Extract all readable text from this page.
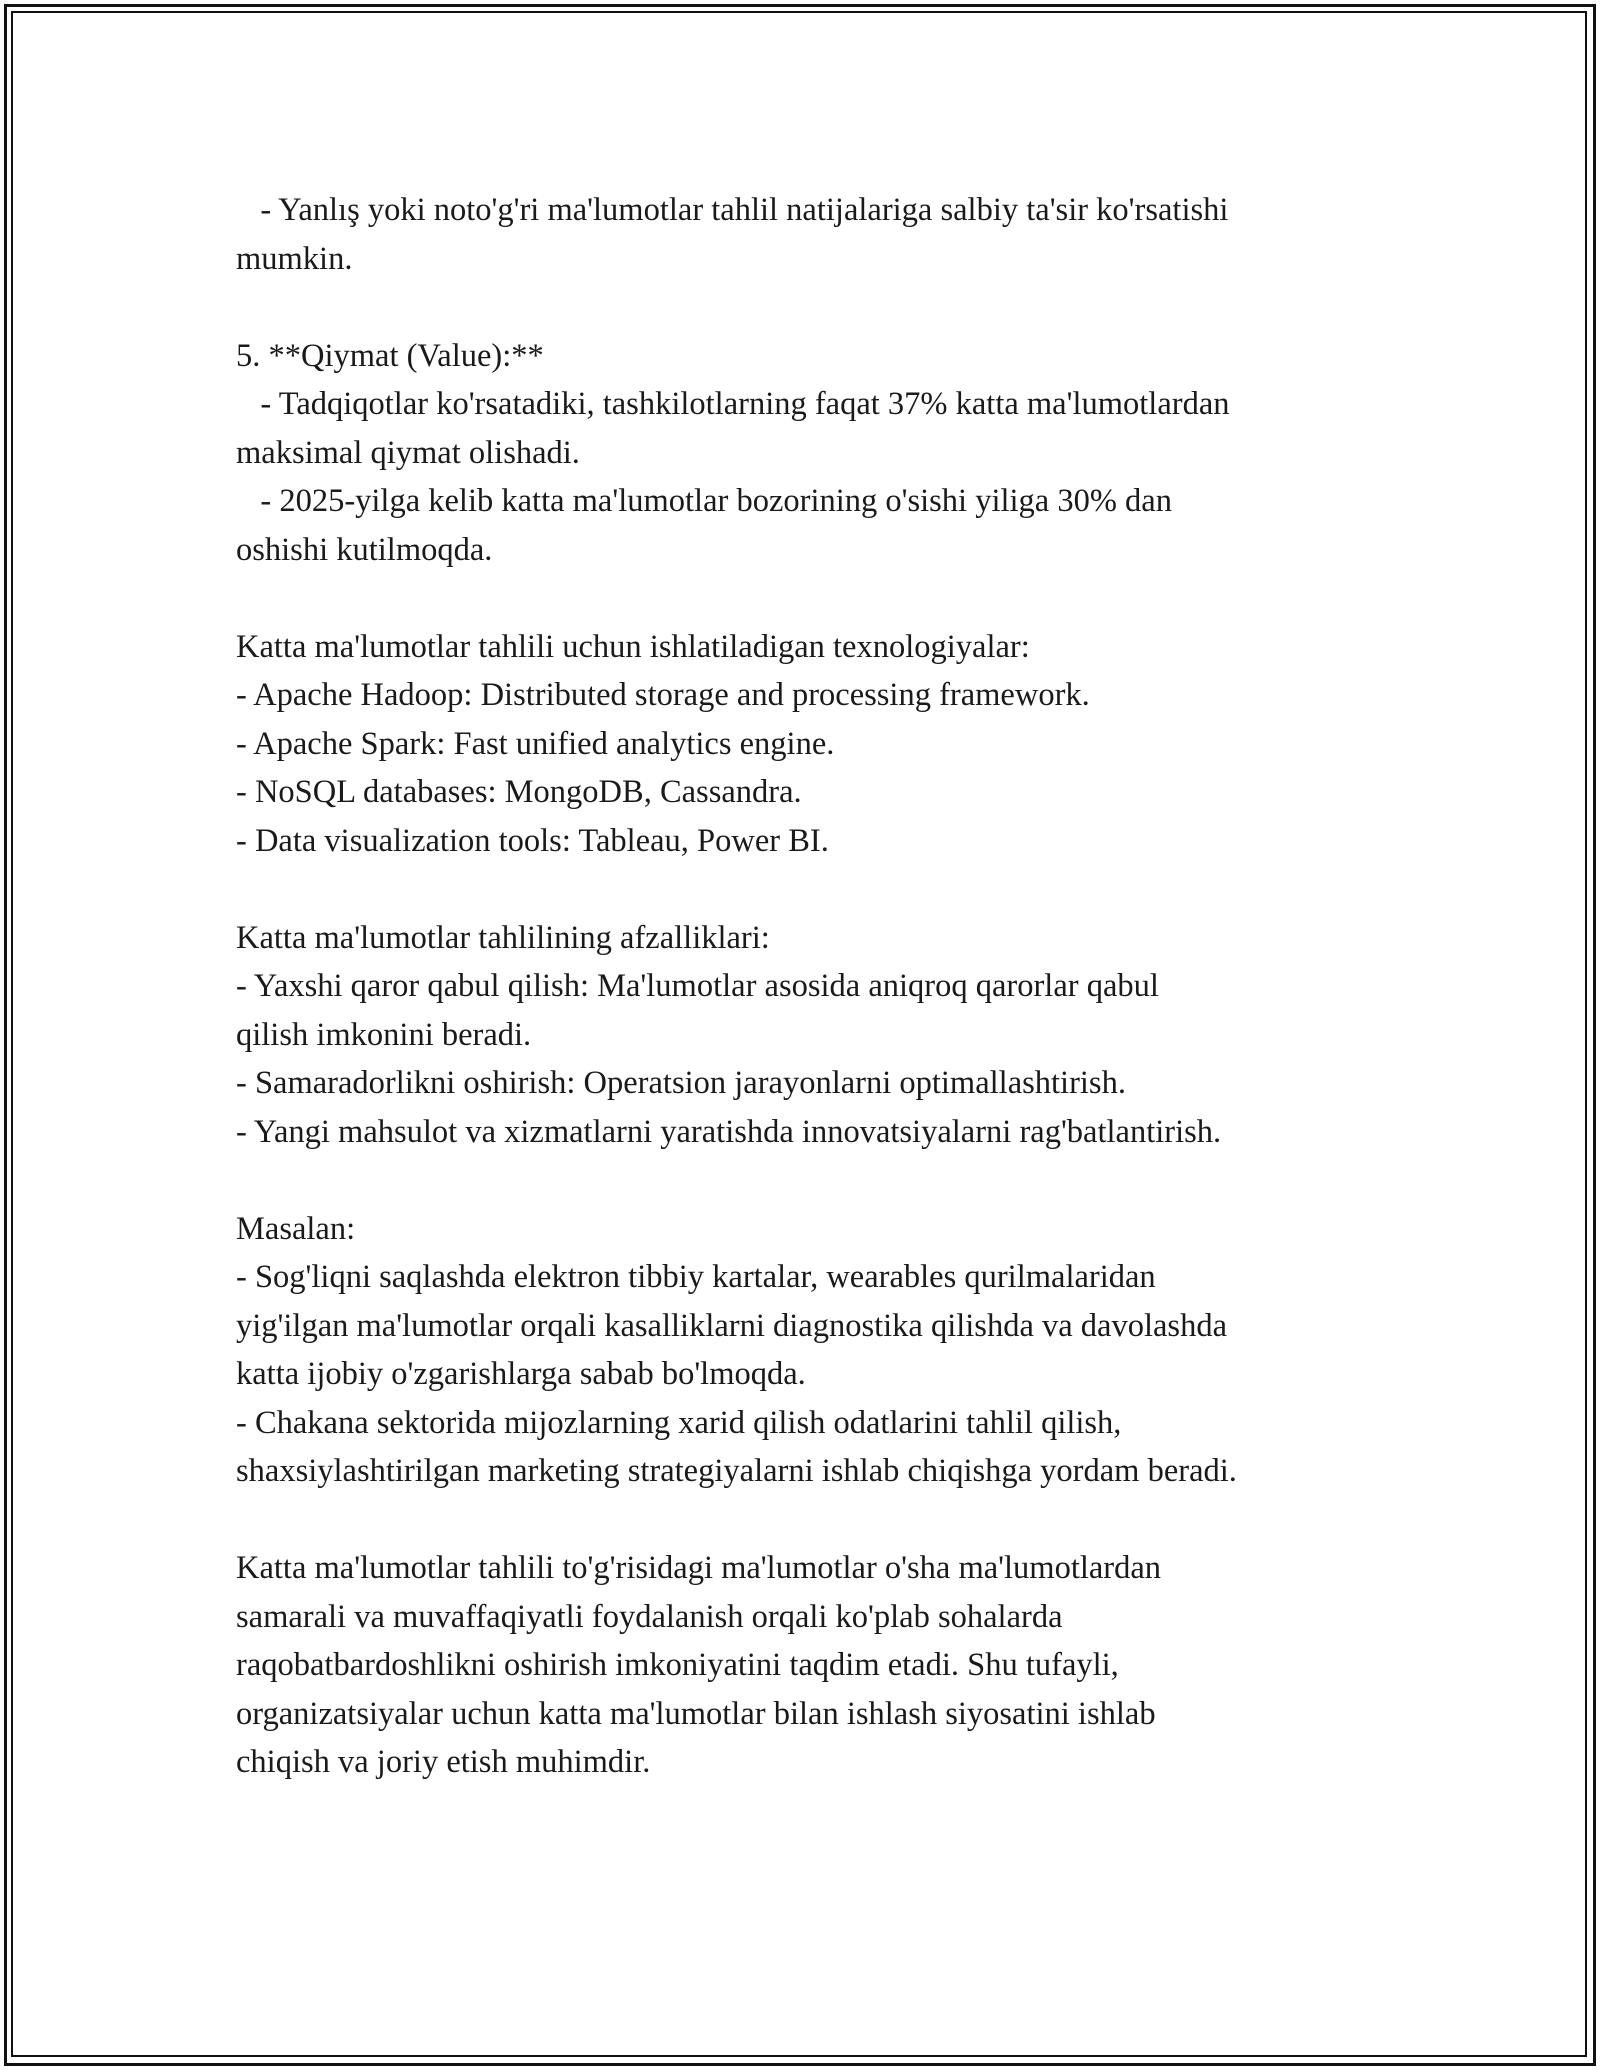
- Yanlış yoki noto'g'ri ma'lumotlar tahlil natijalariga salbiy ta'sir ko'rsatishi
mumkin.
5. **Qiymat (Value):**
- Tadqiqotlar ko'rsatadiki, tashkilotlarning faqat 37% katta ma'lumotlardan
maksimal qiymat olishadi.
- 2025-yilga kelib katta ma'lumotlar bozorining o'sishi yiliga 30% dan
oshishi kutilmoqda.
Katta ma'lumotlar tahlili uchun ishlatiladigan texnologiyalar:
- Apache Hadoop: Distributed storage and processing framework.
- Apache Spark: Fast unified analytics engine.
- NoSQL databases: MongoDB, Cassandra.
- Data visualization tools: Tableau, Power BI.
Katta ma'lumotlar tahlilining afzalliklari:
- Yaxshi qaror qabul qilish: Ma'lumotlar asosida aniqroq qarorlar qabul
qilish imkonini beradi.
- Samaradorlikni oshirish: Operatsion jarayonlarni optimallashtirish.
- Yangi mahsulot va xizmatlarni yaratishda innovatsiyalarni rag'batlantirish.
Masalan:
- Sog'liqni saqlashda elektron tibbiy kartalar, wearables qurilmalaridan
yig'ilgan ma'lumotlar orqali kasalliklarni diagnostika qilishda va davolashda
katta ijobiy o'zgarishlarga sabab bo'lmoqda.
- Chakana sektorida mijozlarning xarid qilish odatlarini tahlil qilish,
shaxsiylashtirilgan marketing strategiyalarni ishlab chiqishga yordam beradi.
Katta ma'lumotlar tahlili to'g'risidagi ma'lumotlar o'sha ma'lumotlardan
samarali va muvaffaqiyatli foydalanish orqali ko'plab sohalarda
raqobatbardoshlikni oshirish imkoniyatini taqdim etadi. Shu tufayli,
organizatsiyalar uchun katta ma'lumotlar bilan ishlash siyosatini ishlab
chiqish va joriy etish muhimdir.
